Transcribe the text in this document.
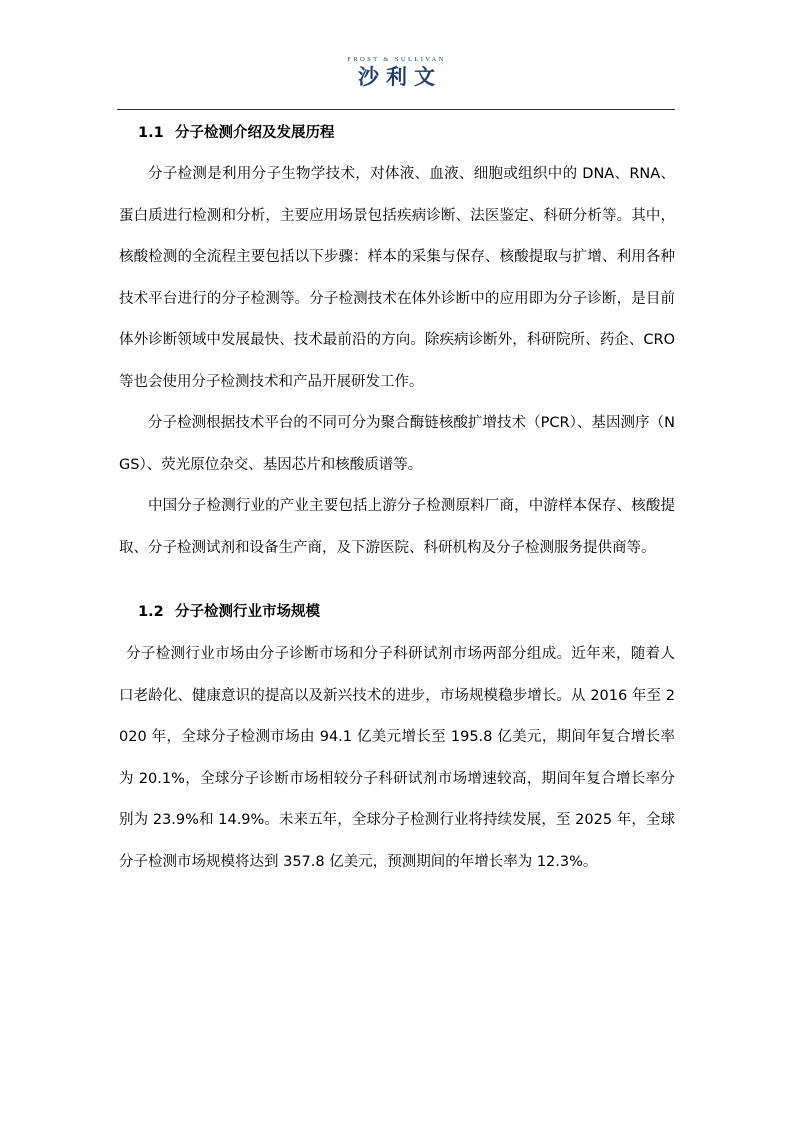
FROST & SULLIVAN
沙利文
1.1 分子检测介绍及发展历程

分子检测是利用分子生物学技术，对体液、血液、细胞或组织中的 DNA、RNA、蛋白质进行检测和分析，主要应用场景包括疾病诊断、法医鉴定、科研分析等。其中，核酸检测的全流程主要包括以下步骤：样本的采集与保存、核酸提取与扩增、利用各种技术平台进行的分子检测等。分子检测技术在体外诊断中的应用即为分子诊断，是目前体外诊断领域中发展最快、技术最前沿的方向。除疾病诊断外，科研院所、药企、CRO 等也会使用分子检测技术和产品开展研发工作。

分子检测根据技术平台的不同可分为聚合酶链核酸扩增技术（PCR）、基因测序（NGS）、荧光原位杂交、基因芯片和核酸质谱等。

中国分子检测行业的产业主要包括上游分子检测原料厂商，中游样本保存、核酸提取、分子检测试剂和设备生产商，及下游医院、科研机构及分子检测服务提供商等。

1.2 分子检测行业市场规模

分子检测行业市场由分子诊断市场和分子科研试剂市场两部分组成。近年来，随着人口老龄化、健康意识的提高以及新兴技术的进步，市场规模稳步增长。从 2016 年至 2020 年，全球分子检测市场由 94.1 亿美元增长至 195.8 亿美元，期间年复合增长率为 20.1%，全球分子诊断市场相较分子科研试剂市场增速较高，期间年复合增长率分别为 23.9%和 14.9%。未来五年，全球分子检测行业将持续发展，至 2025 年，全球分子检测市场规模将达到 357.8 亿美元，预测期间的年增长率为 12.3%。
